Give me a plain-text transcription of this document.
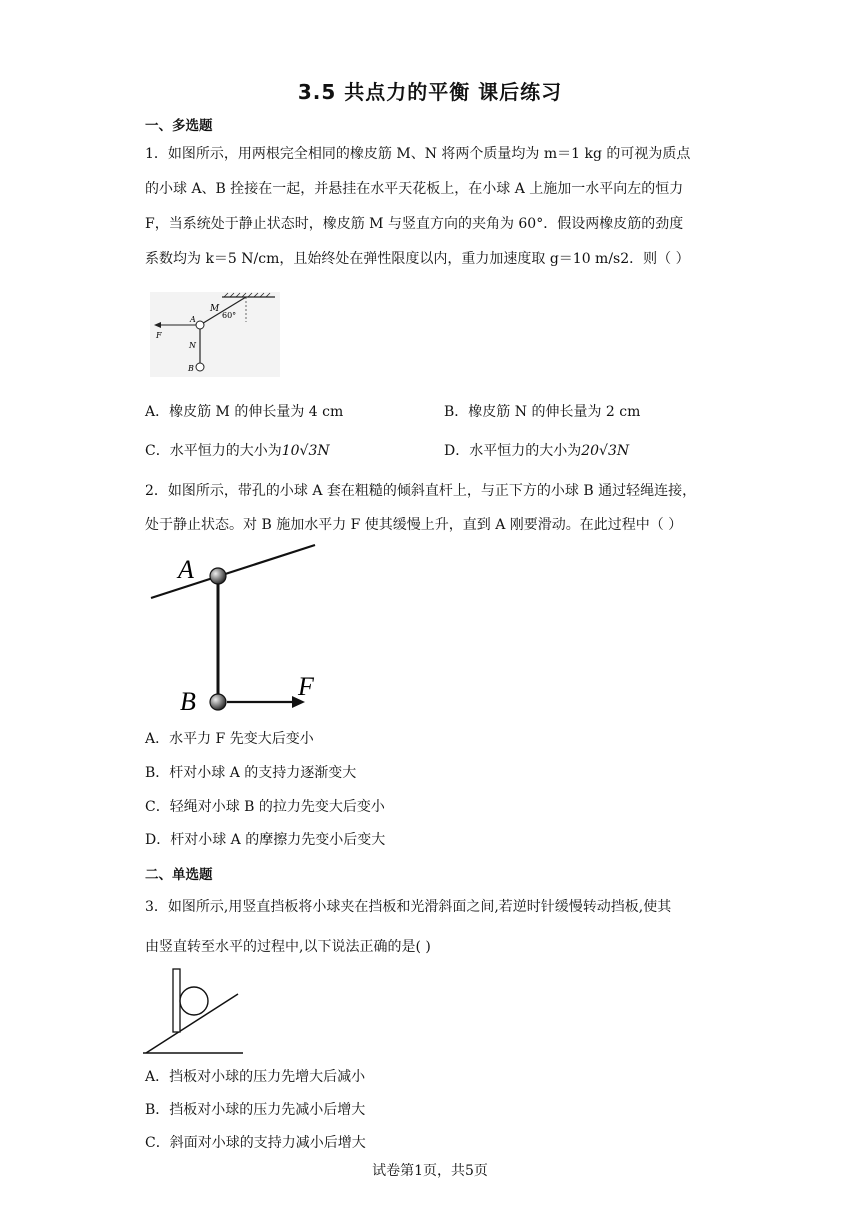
3.5 共点力的平衡 课后练习
一、多选题
1．如图所示，用两根完全相同的橡皮筋 M、N 将两个质量均为 m＝1 kg 的可视为质点
的小球 A、B 拴接在一起，并悬挂在水平天花板上，在小球 A 上施加一水平向左的恒力
F，当系统处于静止状态时，橡皮筋 M 与竖直方向的夹角为 60°．假设两橡皮筋的劲度
系数均为 k＝5 N/cm，且始终处在弹性限度以内，重力加速度取 g＝10 m/s2．则（ ）
M
60°
A
F
N
B
A．橡皮筋 M 的伸长量为 4 cm	B．橡皮筋 N 的伸长量为 2 cm
C．水平恒力的大小为10√3N	D．水平恒力的大小为20√3N
2．如图所示，带孔的小球 A 套在粗糙的倾斜直杆上，与正下方的小球 B 通过轻绳连接，
处于静止状态。对 B 施加水平力 F 使其缓慢上升，直到 A 刚要滑动。在此过程中（ ）
A
B
F
A．水平力 F 先变大后变小
B．杆对小球 A 的支持力逐渐变大
C．轻绳对小球 B 的拉力先变大后变小
D．杆对小球 A 的摩擦力先变小后变大
二、单选题
3．如图所示,用竖直挡板将小球夹在挡板和光滑斜面之间,若逆时针缓慢转动挡板,使其
由竖直转至水平的过程中,以下说法正确的是( )
A．挡板对小球的压力先增大后减小
B．挡板对小球的压力先减小后增大
C．斜面对小球的支持力减小后增大
试卷第1页，共5页
